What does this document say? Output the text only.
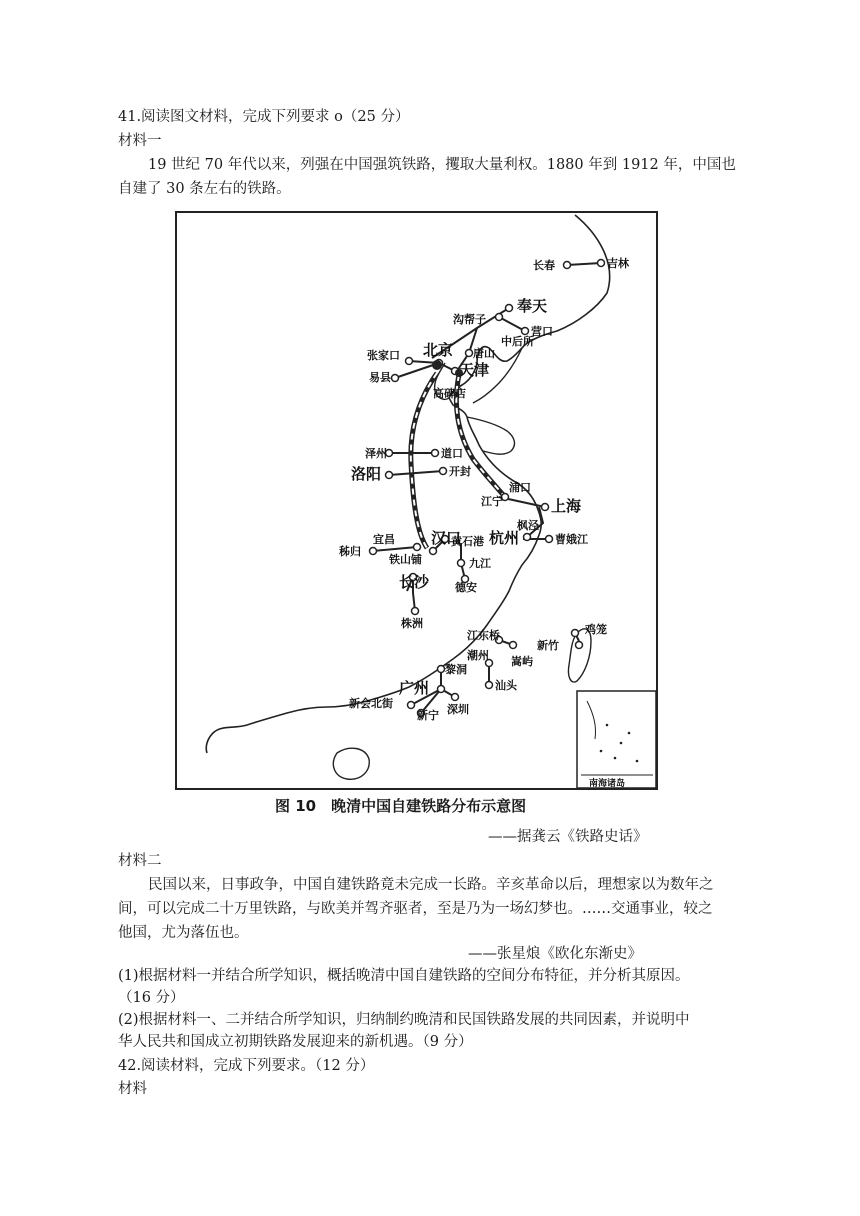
41.阅读图文材料，完成下列要求 o（25 分）
材料一
19 世纪 70 年代以来，列强在中国强筑铁路，攫取大量利权。1880 年到 1912 年，中国也
自建了 30 条左右的铁路。
南海诸岛
长春	吉林
奉天
沟帮子
营口
中后所
唐山
北京
张家口
天津
易县
高碑店
泽州	道口
洛阳	开封
浦口
江宁	上海
枫泾
杭州	曹娥江
宜昌
秭归
汉口
铁山铺
黄石港
九江
德安
长沙
株洲
江东桥	鸡笼
新竹
潮州 嵩屿
汕头
黎洞
广州
新会北街	深圳
新宁
图 10　晚清中国自建铁路分布示意图
——据龚云《铁路史话》
材料二
民国以来，日事政争，中国自建铁路竟未完成一长路。辛亥革命以后，理想家以为数年之
间，可以完成二十万里铁路，与欧美并驾齐驱者，至是乃为一场幻梦也。……交通事业，较之
他国，尤为落伍也。
——张星烺《欧化东渐史》
(1)根据材料一并结合所学知识，概括晚清中国自建铁路的空间分布特征，并分析其原因。
（16 分）
(2)根据材料一、二并结合所学知识，归纳制约晚清和民国铁路发展的共同因素，并说明中
华人民共和国成立初期铁路发展迎来的新机遇。（9 分）
42.阅读材料，完成下列要求。（12 分）
材料
